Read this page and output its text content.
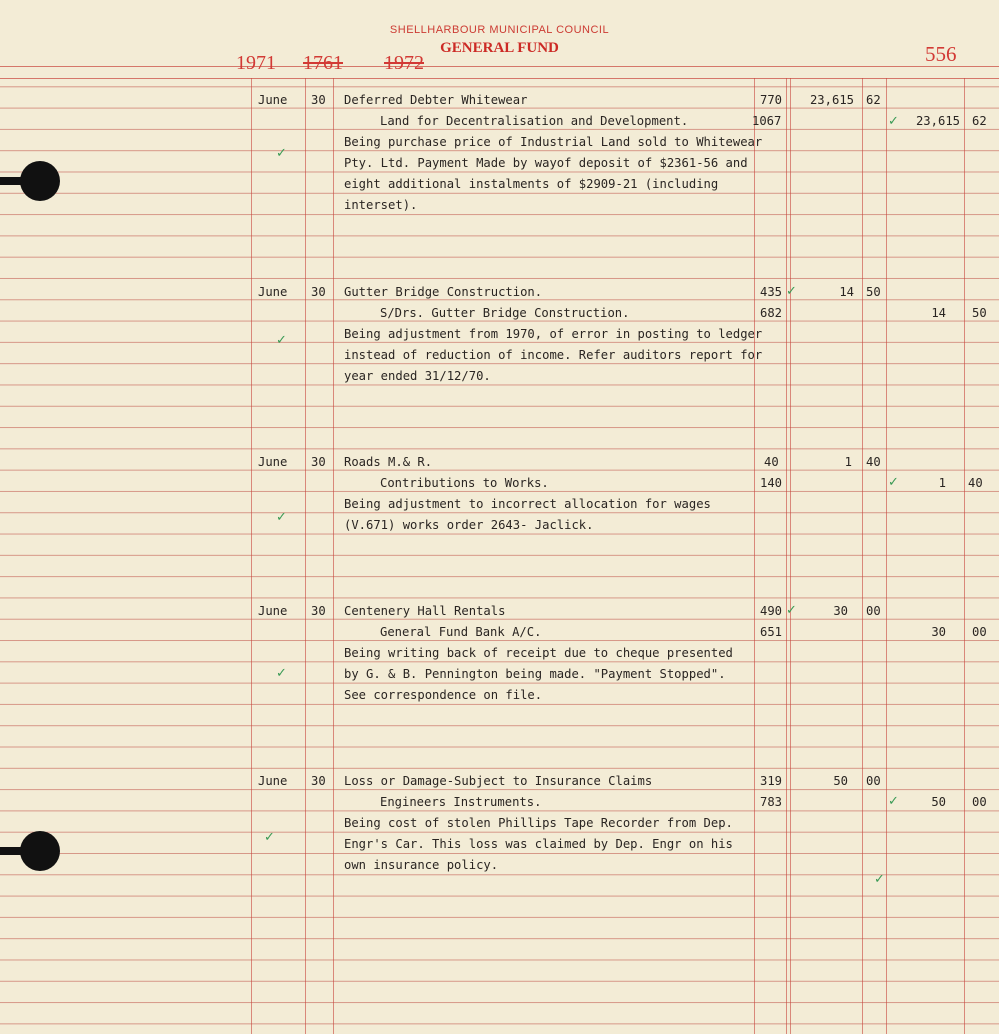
SHELLHARBOUR MUNICIPAL COUNCIL
GENERAL FUND
1971 1761 1972	556
June 30 Deferred Debter Whitewear	770	23,615 62
Land for Decentralisation and Development.	1067	✓	23,615 62
Being purchase price of Industrial Land sold to Whitewear
Pty. Ltd. Payment Made by wayof deposit of $2361-56 and
eight additional instalments of $2909-21 (including
interset).
✓
June 30 Gutter Bridge Construction.	435 ✓	14 50
S/Drs. Gutter Bridge Construction.	682	14 50
Being adjustment from 1970, of error in posting to ledger
instead of reduction of income. Refer auditors report for
year ended 31/12/70.
✓
June 30 Roads M.& R.	40	1 40
Contributions to Works.	140	✓	1 40
Being adjustment to incorrect allocation for wages
(V.671) works order 2643- Jaclick.
✓
June 30 Centenery Hall Rentals	490 ✓	30 00
General Fund Bank A/C.	651	30 00
Being writing back of receipt due to cheque presented
by G. & B. Pennington being made. "Payment Stopped".
See correspondence on file.
✓
June 30 Loss or Damage-Subject to Insurance Claims	319	50 00
Engineers Instruments.	783	✓	50 00
Being cost of stolen Phillips Tape Recorder from Dep.
Engr's Car. This loss was claimed by Dep. Engr on his
own insurance policy.
✓
✓
